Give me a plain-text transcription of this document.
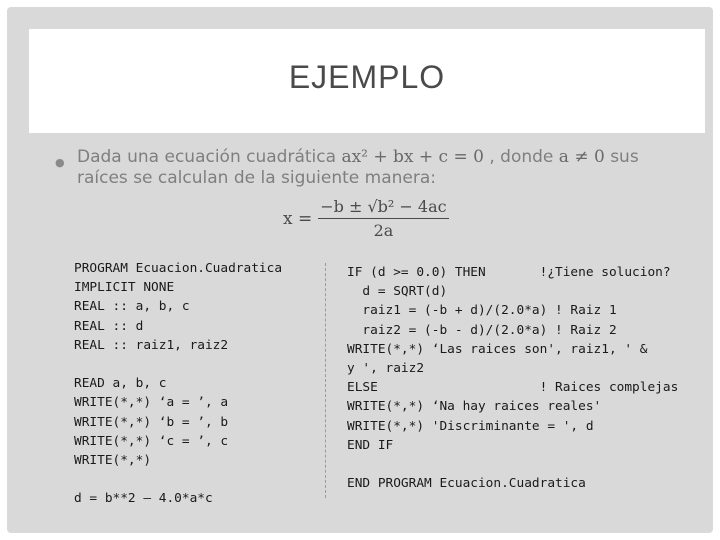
EJEMPLO
● Dada una ecuación cuadrática ax² + bx + c = 0 , donde a ≠ 0 sus raíces se calculan de la siguiente manera:
$x = \frac{\text{−b ± √b² − 4ac}}{2a}$
PROGRAM Ecuacion.Cuadratica
IMPLICIT NONE
REAL :: a, b, c
REAL :: d
REAL :: raiz1, raiz2
READ a, b, c
WRITE(*,*) ‘a = ’, a
WRITE(*,*) ‘b = ’, b
WRITE(*,*) ‘c = ’, c
WRITE(*,*)
d = b**2 – 4.0*a*c
IF (d >= 0.0) THEN       !¿Tiene solucion?
d = SQRT(d)
raiz1 = (-b + d)/(2.0*a) ! Raiz 1
raiz2 = (-b - d)/(2.0*a) ! Raiz 2
WRITE(*,*) ‘Las raices son', raiz1, ' &
y ', raiz2
ELSE                     ! Raices complejas
WRITE(*,*) ‘Na hay raices reales'
WRITE(*,*) 'Discriminante = ', d
END IF
END PROGRAM Ecuacion.Cuadratica
